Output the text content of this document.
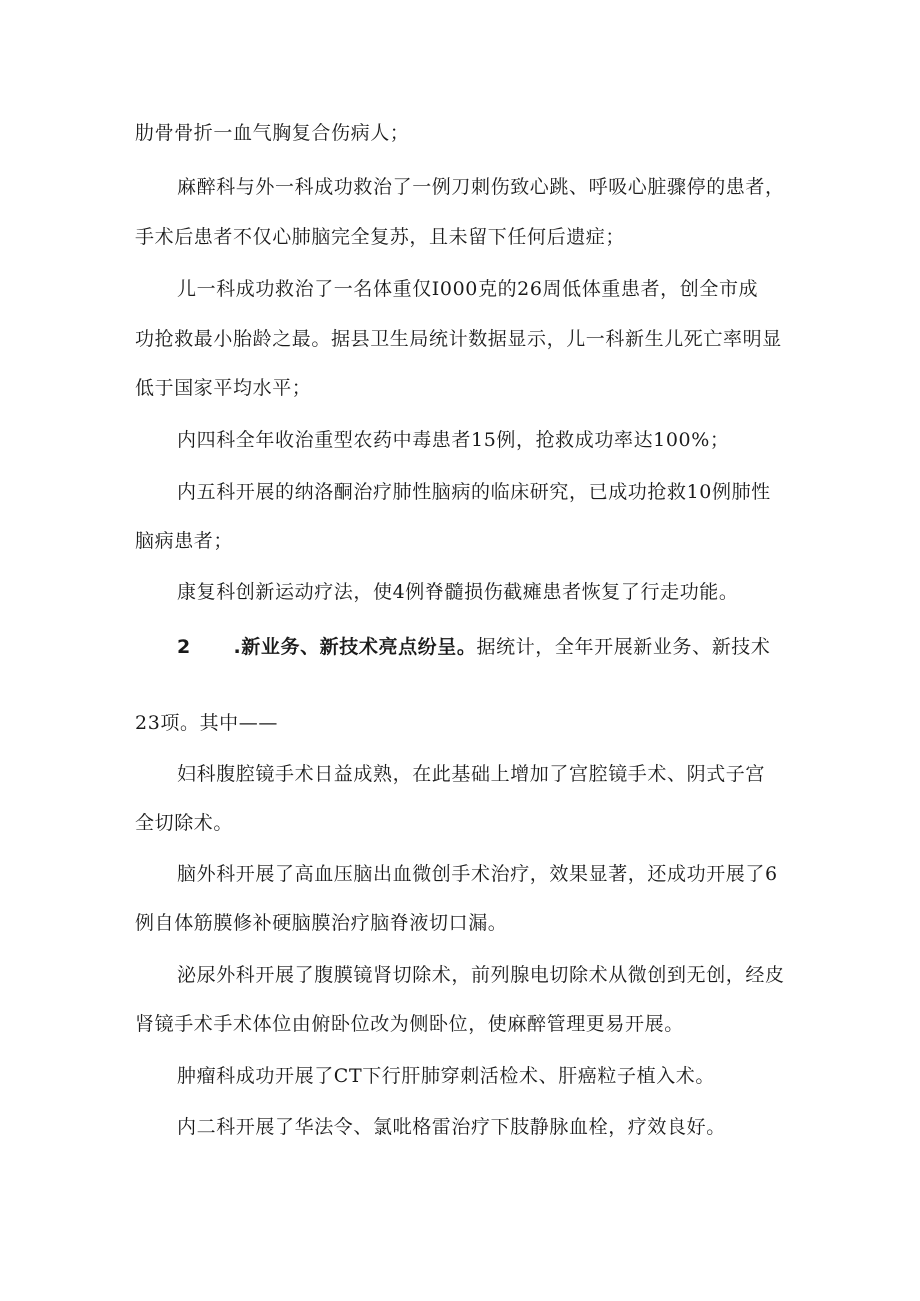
肋骨骨折一血气胸复合伤病人；
麻醉科与外一科成功救治了一例刀刺伤致心跳、呼吸心脏骤停的患者，
手术后患者不仅心肺脑完全复苏，且未留下任何后遗症；
儿一科成功救治了一名体重仅I000克的26周低体重患者，创全市成
功抢救最小胎龄之最。据县卫生局统计数据显示，儿一科新生儿死亡率明显
低于国家平均水平；
内四科全年收治重型农药中毒患者15例，抢救成功率达100%；
内五科开展的纳洛酮治疗肺性脑病的临床研究，已成功抢救10例肺性
脑病患者；
康复科创新运动疗法，使4例脊髓损伤截瘫患者恢复了行走功能。
2 .新业务、新技术亮点纷呈。据统计，全年开展新业务、新技术
23项。其中——
妇科腹腔镜手术日益成熟，在此基础上增加了宫腔镜手术、阴式子宫
全切除术。
脑外科开展了高血压脑出血微创手术治疗，效果显著，还成功开展了6
例自体筋膜修补硬脑膜治疗脑脊液切口漏。
泌尿外科开展了腹膜镜肾切除术，前列腺电切除术从微创到无创，经皮
肾镜手术手术体位由俯卧位改为侧卧位，使麻醉管理更易开展。
肿瘤科成功开展了CT下行肝肺穿刺活检术、肝癌粒子植入术。
内二科开展了华法令、氯吡格雷治疗下肢静脉血栓，疗效良好。
